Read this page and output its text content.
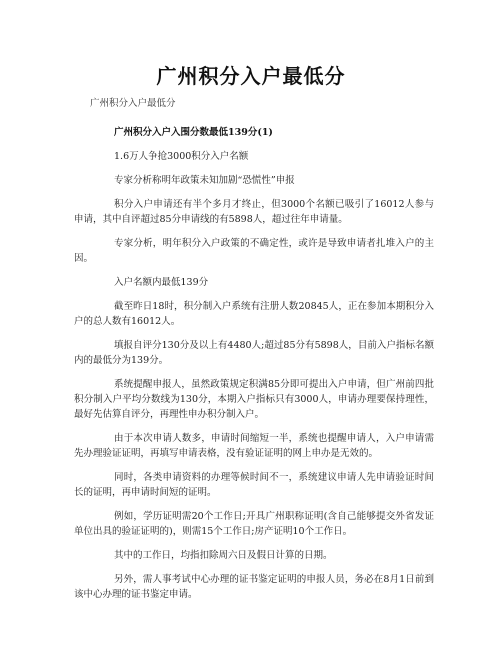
广州积分入户最低分
广州积分入户最低分
广州积分入户入围分数最低139分(1)

1.6万人争抢3000积分入户名额

专家分析称明年政策未知加剧“恐慌性”申报

积分入户申请还有半个多月才终止，但3000个名额已吸引了16012人参与申请，其中自评超过85分申请线的有5898人，超过往年申请量。

专家分析，明年积分入户政策的不确定性，或许是导致申请者扎堆入户的主因。

入户名额内最低139分

截至昨日18时，积分制入户系统有注册人数20845人，正在参加本期积分入户的总人数有16012人。

填报自评分130分及以上有4480人;超过85分有5898人，目前入户指标名额内的最低分为139分。

系统提醒申报人，虽然政策规定积满85分即可提出入户申请，但广州前四批积分制入户平均分数线为130分，本期入户指标只有3000人，申请办理要保持理性，最好先估算自评分，再理性申办积分制入户。

由于本次申请人数多，申请时间缩短一半，系统也提醒申请人，入户申请需先办理验证证明，再填写申请表格，没有验证证明的网上申办是无效的。

同时，各类申请资料的办理等候时间不一，系统建议申请人先申请验证时间长的证明，再申请时间短的证明。

例如，学历证明需20个工作日;开具广州职称证明(含自己能够提交外省发证单位出具的验证证明的)，则需15个工作日;房产证明10个工作日。

其中的工作日，均指扣除周六日及假日计算的日期。

另外，需人事考试中心办理的证书鉴定证明的申报人员，务必在8月1日前到该中心办理的证书鉴定申请。
